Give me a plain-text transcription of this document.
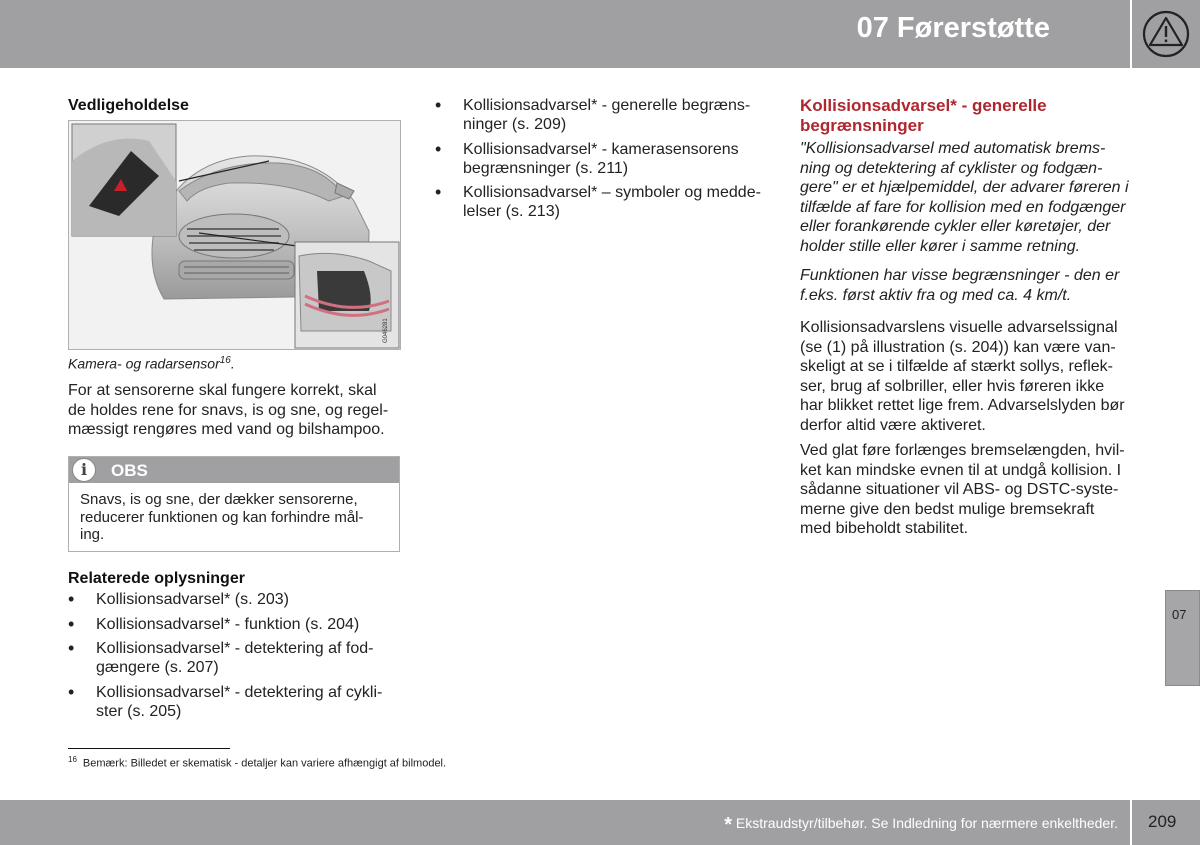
07 Førerstøtte
Vedligeholdelse
G046281
Kamera- og radarsensor$^{16}$.
For at sensorerne skal fungere korrekt, skal
de holdes rene for snavs, is og sne, og regel-
mæssigt rengøres med vand og bilshampoo.
i	OBS
Snavs, is og sne, der dækker sensorerne,
reducerer funktionen og kan forhindre mål-
ing.
Relaterede oplysninger
• Kollisionsadvarsel* (s. 203)
• Kollisionsadvarsel* - funktion (s. 204)
• Kollisionsadvarsel* - detektering af fod-
gængere (s. 207)
• Kollisionsadvarsel* - detektering af cykli-
ster (s. 205)
$^{16}$ Bemærk: Billedet er skematisk - detaljer kan variere afhængigt af bilmodel.
• Kollisionsadvarsel* - generelle begræns-
ninger (s. 209)
• Kollisionsadvarsel* - kamerasensorens
begrænsninger (s. 211)
• Kollisionsadvarsel* – symboler og medde-
lelser (s. 213)
Kollisionsadvarsel* - generelle
begrænsninger
"Kollisionsadvarsel med automatisk brems-
ning og detektering af cyklister og fodgæn-
gere" er et hjælpemiddel, der advarer føreren i
tilfælde af fare for kollision med en fodgænger
eller forankørende cykler eller køretøjer, der
holder stille eller kører i samme retning.
Funktionen har visse begrænsninger - den er
f.eks. først aktiv fra og med ca. 4 km/t.
Kollisionsadvarslens visuelle advarselssignal
(se (1) på illustration (s. 204)) kan være van-
skeligt at se i tilfælde af stærkt sollys, reflek-
ser, brug af solbriller, eller hvis føreren ikke
har blikket rettet lige frem. Advarselslyden bør
derfor altid være aktiveret.
Ved glat føre forlænges bremselængden, hvil-
ket kan mindske evnen til at undgå kollision. I
sådanne situationer vil ABS- og DSTC-syste-
merne give den bedst mulige bremsekraft
med bibeholdt stabilitet.
07
* Ekstraudstyr/tilbehør. Se Indledning for nærmere enkeltheder. 209
